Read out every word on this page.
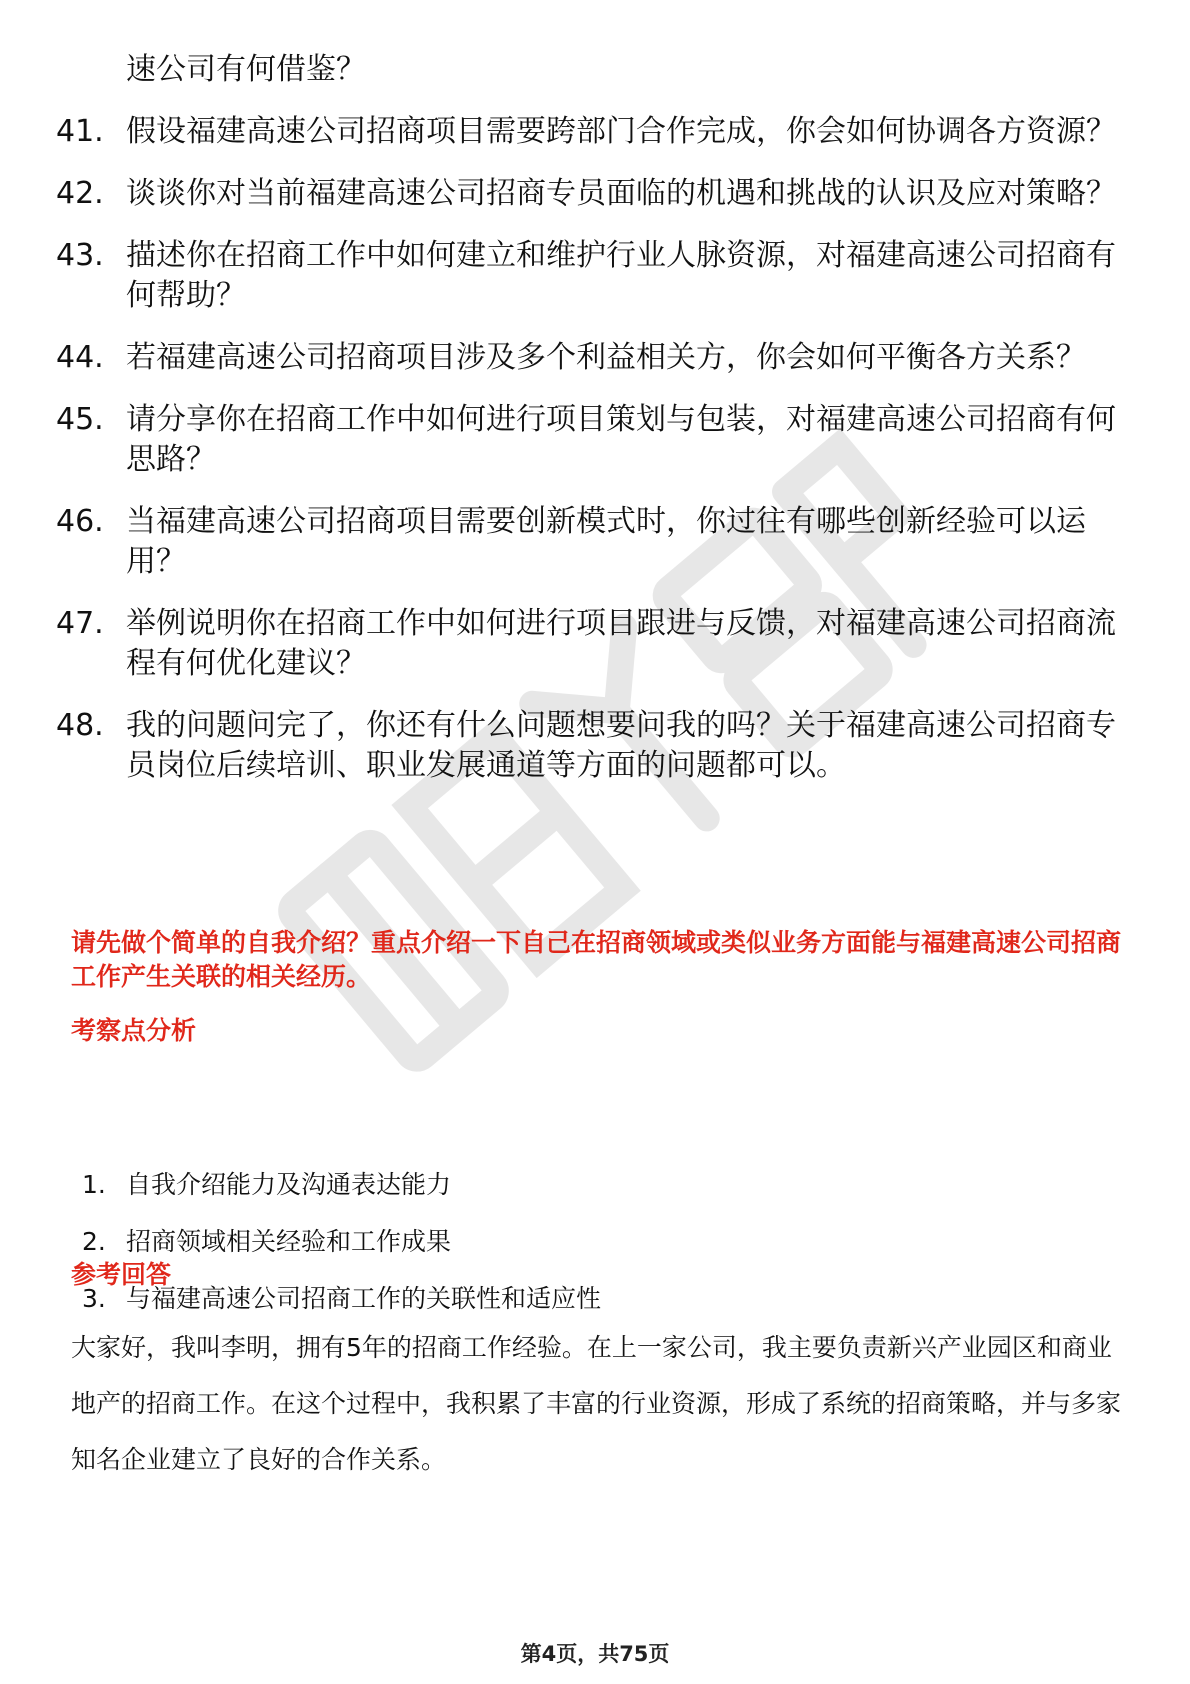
速公司有何借鉴？
41. 假设福建高速公司招商项目需要跨部门合作完成，你会如何协调各方资源？
42. 谈谈你对当前福建高速公司招商专员面临的机遇和挑战的认识及应对策略？
43. 描述你在招商工作中如何建立和维护行业人脉资源，对福建高速公司招商有何帮助？
44. 若福建高速公司招商项目涉及多个利益相关方，你会如何平衡各方关系？
45. 请分享你在招商工作中如何进行项目策划与包装，对福建高速公司招商有何思路？
46. 当福建高速公司招商项目需要创新模式时，你过往有哪些创新经验可以运用？
47. 举例说明你在招商工作中如何进行项目跟进与反馈，对福建高速公司招商流程有何优化建议？
48. 我的问题问完了，你还有什么问题想要问我的吗？关于福建高速公司招商专员岗位后续培训、职业发展通道等方面的问题都可以。

请先做个简单的自我介绍？重点介绍一下自己在招商领域或类似业务方面能与福建高速公司招商工作产生关联的相关经历。

考察点分析

1. 自我介绍能力及沟通表达能力
2. 招商领域相关经验和工作成果
3. 与福建高速公司招商工作的关联性和适应性

参考回答

大家好，我叫李明，拥有5年的招商工作经验。在上一家公司，我主要负责新兴产业园区和商业地产的招商工作。在这个过程中，我积累了丰富的行业资源，形成了系统的招商策略，并与多家知名企业建立了良好的合作关系。

第4页，共75页
